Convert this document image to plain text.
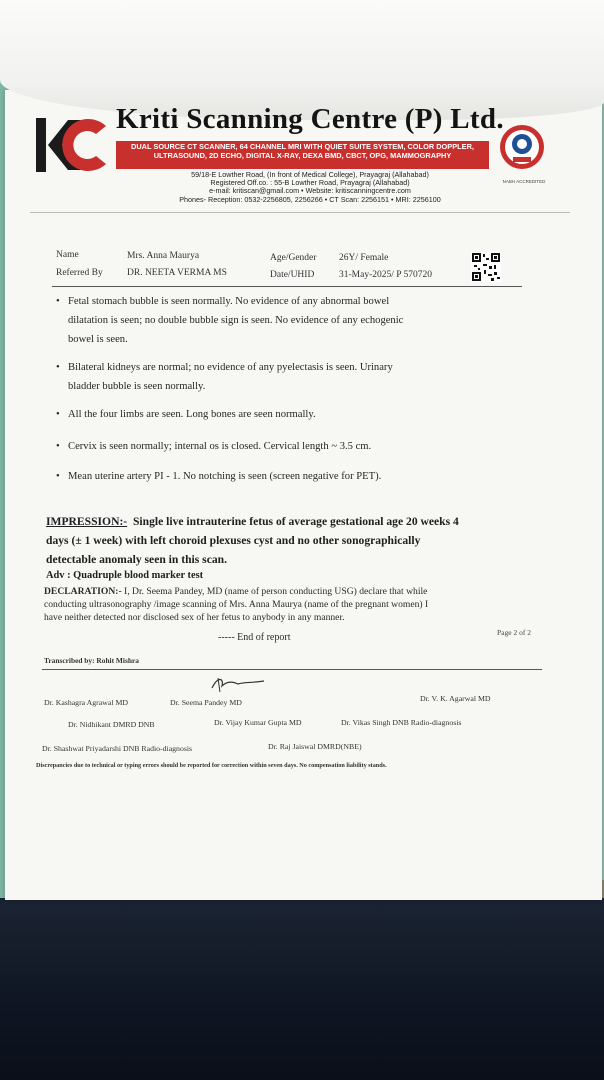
Kriti Scanning Centre (P) Ltd.
DUAL SOURCE CT SCANNER, 64 CHANNEL MRI WITH QUIET SUITE SYSTEM, COLOR DOPPLER,
ULTRASOUND, 2D ECHO, DIGITAL X-RAY, DEXA BMD, CBCT, OPG, MAMMOGRAPHY
59/18-E Lowther Road, (In front of Medical College), Prayagraj (Allahabad)
Registered Off.co. : 55-B Lowther Road, Prayagraj (Allahabad)
e-mail: kritiscan@gmail.com • Website: kritiscanningcentre.com
Phones- Reception: 0532-2256805, 2256266 • CT Scan: 2256151 • MRI: 2256100
NABH ACCREDITED
Name	Mrs. Anna Maurya
Referred By	DR. NEETA VERMA MS
Age/Gender 26Y/ Female
Date/UHID	31-May-2025/ P 570720
• Fetal stomach bubble is seen normally. No evidence of any abnormal bowel
dilatation is seen; no double bubble sign is seen. No evidence of any echogenic
bowel is seen.
• Bilateral kidneys are normal; no evidence of any pyelectasis is seen. Urinary
bladder bubble is seen normally.
• All the four limbs are seen. Long bones are seen normally.
• Cervix is seen normally; internal os is closed. Cervical length ~ 3.5 cm.
• Mean uterine artery PI - 1. No notching is seen (screen negative for PET).
IMPRESSION:- Single live intrauterine fetus of average gestational age 20 weeks 4
days (± 1 week) with left choroid plexuses cyst and no other sonographically
detectable anomaly seen in this scan.
Adv : Quadruple blood marker test
DECLARATION:- I, Dr. Seema Pandey, MD (name of person conducting USG) declare that while
conducting ultrasonography /image scanning of Mrs. Anna Maurya (name of the pregnant women) I
have neither detected nor disclosed sex of her fetus to anybody in any manner.
----- End of report	Page 2 of 2
Transcribed by: Rohit Mishra
Dr. Kashagra Agrawal MD	Dr. Seema Pandey MD	Dr. V. K. Agarwal MD
Dr. Nidhikant DMRD DNB	Dr. Vijay Kumar Gupta MD	Dr. Vikas Singh DNB Radio-diagnosis
Dr. Shashwat Priyadarshi DNB Radio-diagnosis	Dr. Raj Jaiswal DMRD(NBE)
Discrepancies due to technical or typing errors should be reported for correction within seven days. No compensation liability stands.
